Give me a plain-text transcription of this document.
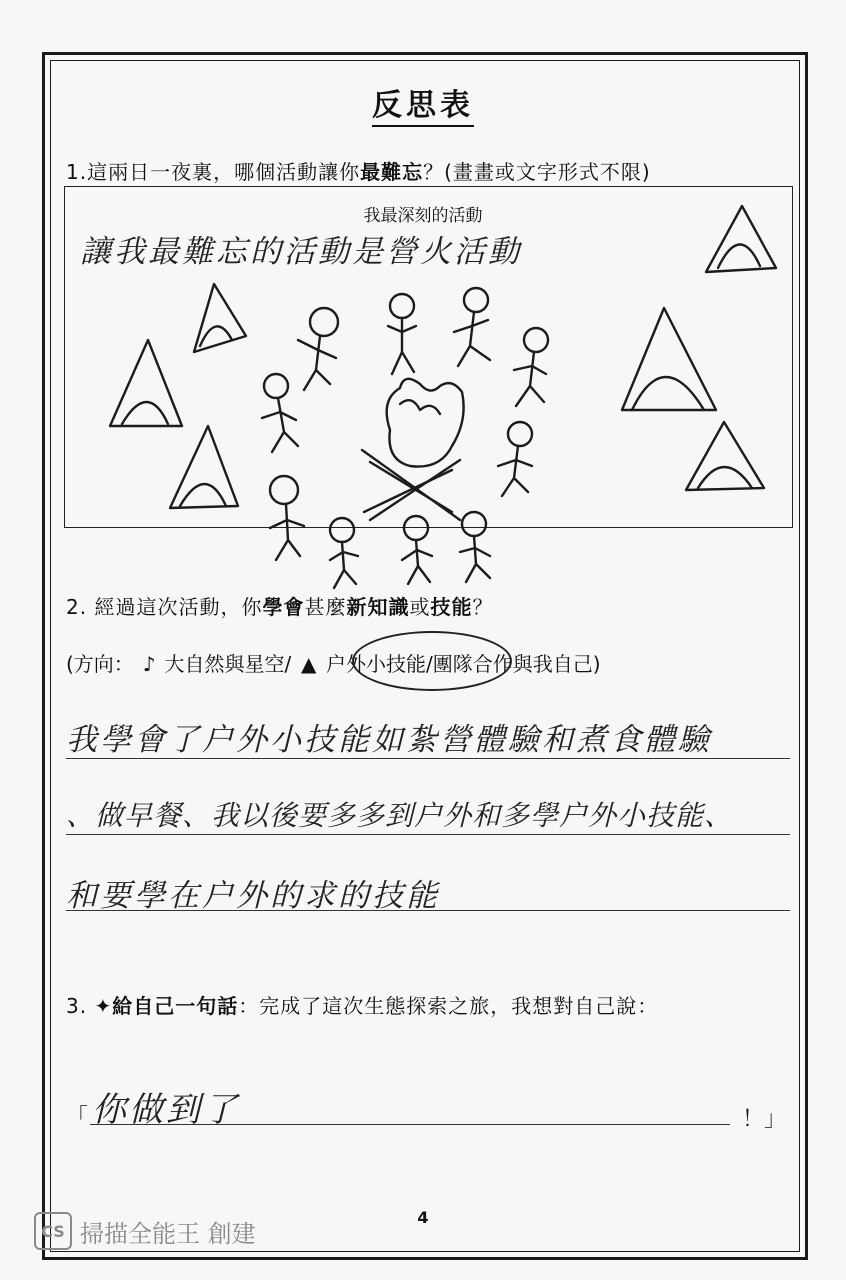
反思表
1.這兩日一夜裏，哪個活動讓你最難忘？(畫畫或文字形式不限)
我最深刻的活動
讓我最難忘的活動是營火活動
2. 經過這次活動，你學會甚麼新知識或技能？
(方向： ♪ 大自然與星空/ ▲ 户外小技能/團隊合作與我自己)
我學會了户外小技能如紮營體驗和煮食體驗
、做早餐、我以後要多多到户外和多學户外小技能、
和要學在户外的求的技能
3. ✦給自己一句話：完成了這次生態探索之旅，我想對自己說：
「 你做到了	！」
4
CS 掃描全能王 創建
